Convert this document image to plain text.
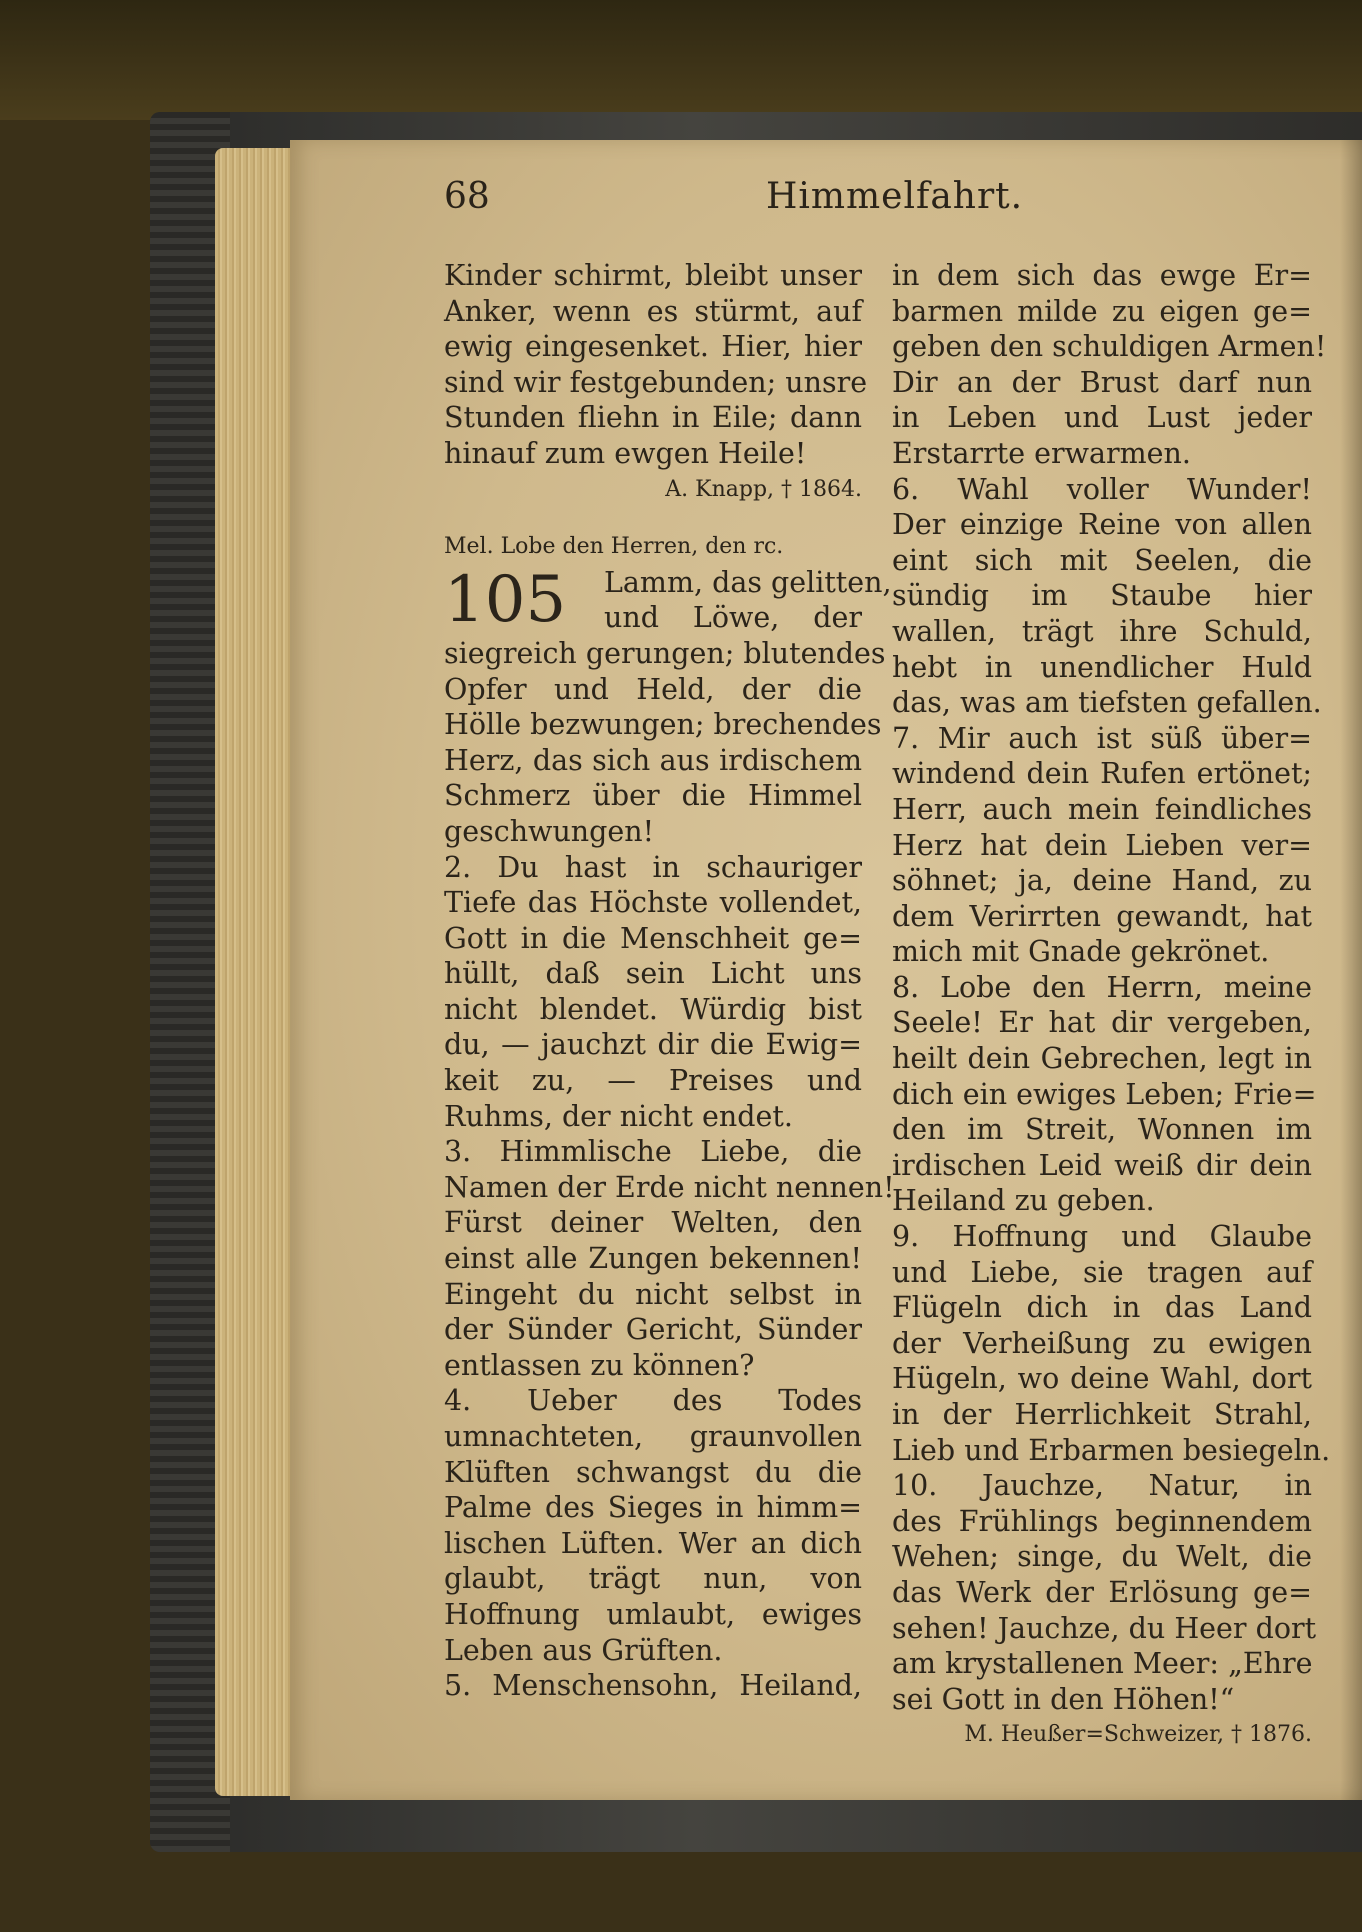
68	Himmelfahrt.
Kinder schirmt, bleibt unser
Anker, wenn es stürmt, auf
ewig eingesenket. Hier, hier
sind wir festgebunden; unsre
Stunden fliehn in Eile; dann
hinauf zum ewgen Heile!
A. Knapp, † 1864.
Mel. Lobe den Herren, den rc.
105 Lamm, das gelitten,
und Löwe, der
siegreich gerungen; blutendes
Opfer und Held, der die
Hölle bezwungen; brechendes
Herz, das sich aus irdischem
Schmerz über die Himmel
geschwungen!
2. Du hast in schauriger
Tiefe das Höchste vollendet,
Gott in die Menschheit ge=
hüllt, daß sein Licht uns
nicht blendet. Würdig bist
du, — jauchzt dir die Ewig=
keit zu, — Preises und
Ruhms, der nicht endet.
3. Himmlische Liebe, die
Namen der Erde nicht nennen!
Fürst deiner Welten, den
einst alle Zungen bekennen!
Eingeht du nicht selbst in
der Sünder Gericht, Sünder
entlassen zu können?
4. Ueber des Todes
umnachteten, graunvollen
Klüften schwangst du die
Palme des Sieges in himm=
lischen Lüften. Wer an dich
glaubt, trägt nun, von
Hoffnung umlaubt, ewiges
Leben aus Grüften.
5. Menschensohn, Heiland,
in dem sich das ewge Er=
barmen milde zu eigen ge=
geben den schuldigen Armen!
Dir an der Brust darf nun
in Leben und Lust jeder
Erstarrte erwarmen.
6. Wahl voller Wunder!
Der einzige Reine von allen
eint sich mit Seelen, die
sündig im Staube hier
wallen, trägt ihre Schuld,
hebt in unendlicher Huld
das, was am tiefsten gefallen.
7. Mir auch ist süß über=
windend dein Rufen ertönet;
Herr, auch mein feindliches
Herz hat dein Lieben ver=
söhnet; ja, deine Hand, zu
dem Verirrten gewandt, hat
mich mit Gnade gekrönet.
8. Lobe den Herrn, meine
Seele! Er hat dir vergeben,
heilt dein Gebrechen, legt in
dich ein ewiges Leben; Frie=
den im Streit, Wonnen im
irdischen Leid weiß dir dein
Heiland zu geben.
9. Hoffnung und Glaube
und Liebe, sie tragen auf
Flügeln dich in das Land
der Verheißung zu ewigen
Hügeln, wo deine Wahl, dort
in der Herrlichkeit Strahl,
Lieb und Erbarmen besiegeln.
10. Jauchze, Natur, in
des Frühlings beginnendem
Wehen; singe, du Welt, die
das Werk der Erlösung ge=
sehen! Jauchze, du Heer dort
am krystallenen Meer: „Ehre
sei Gott in den Höhen!“
M. Heußer=Schweizer, † 1876.
